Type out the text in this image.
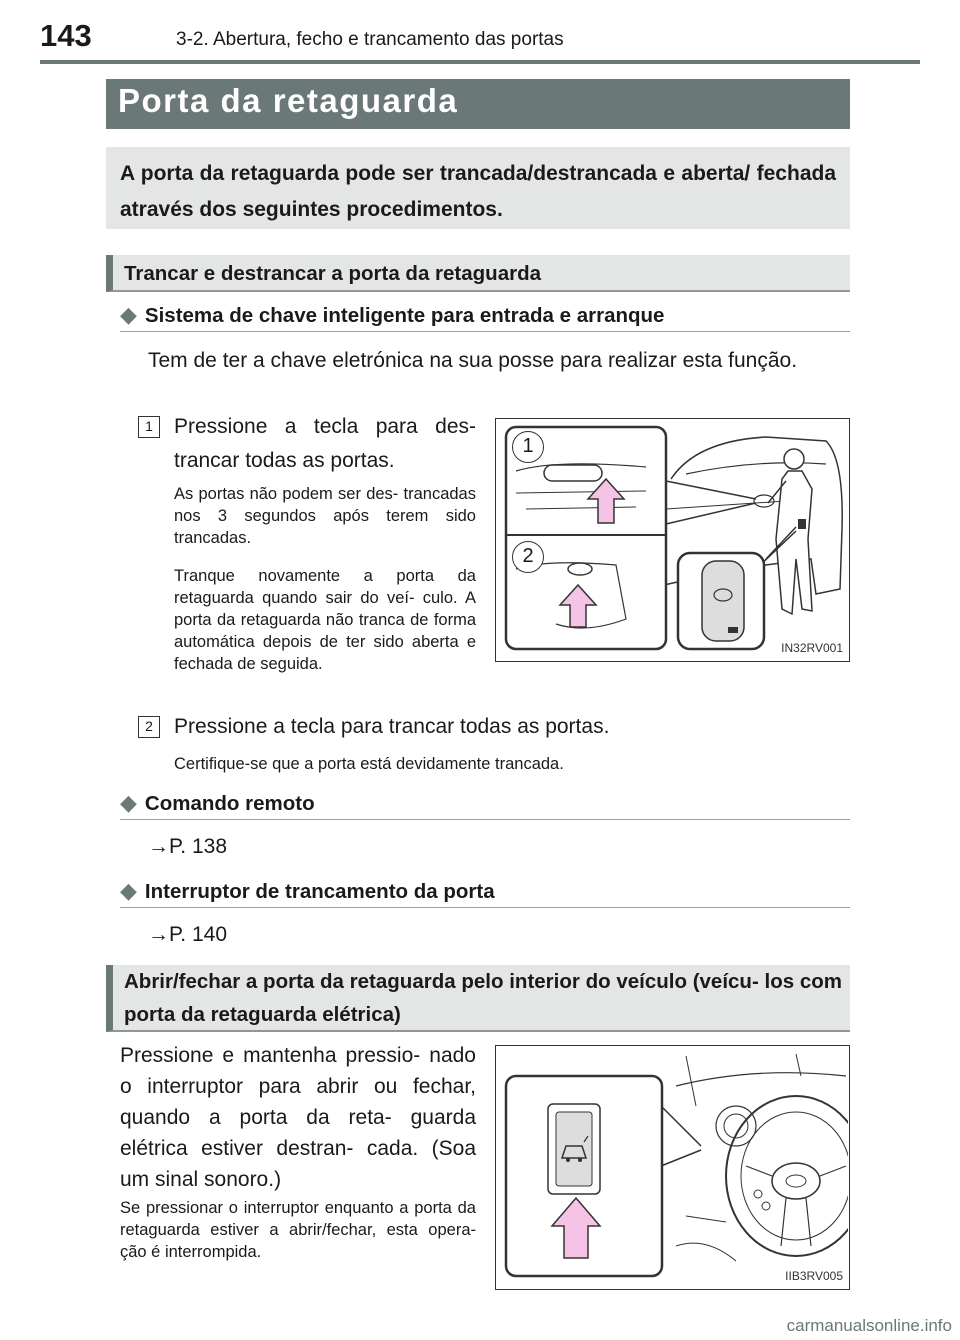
143	3-2. Abertura, fecho e trancamento das portas
Porta da retaguarda
A porta da retaguarda pode ser trancada/destrancada e aberta/ fechada através dos seguintes procedimentos.
Trancar e destrancar a porta da retaguarda
◆ Sistema de chave inteligente para entrada e arranque
Tem de ter a chave eletrónica na sua posse para realizar esta função.
1	Pressione a tecla para des- trancar todas as portas.
As portas não podem ser des- trancadas nos 3 segundos após terem sido trancadas.
Tranque novamente a porta da retaguarda quando sair do veí- culo. A porta da retaguarda não tranca de forma automática depois de ter sido aberta e fechada de seguida.
1
2
IN32RV001
2	Pressione a tecla para trancar todas as portas.
Certifique-se que a porta está devidamente trancada.
◆ Comando remoto
→P. 138
◆ Interruptor de trancamento da porta
→P. 140
Abrir/fechar a porta da retaguarda pelo interior do veículo (veícu- los com porta da retaguarda elétrica)
Pressione e mantenha pressio- nado o interruptor para abrir ou fechar, quando a porta da reta- guarda elétrica estiver destran- cada. (Soa um sinal sonoro.)
Se pressionar o interruptor enquanto a porta da retaguarda estiver a abrir/fechar, esta opera- ção é interrompida.
IIB3RV005
carmanualsonline.info
